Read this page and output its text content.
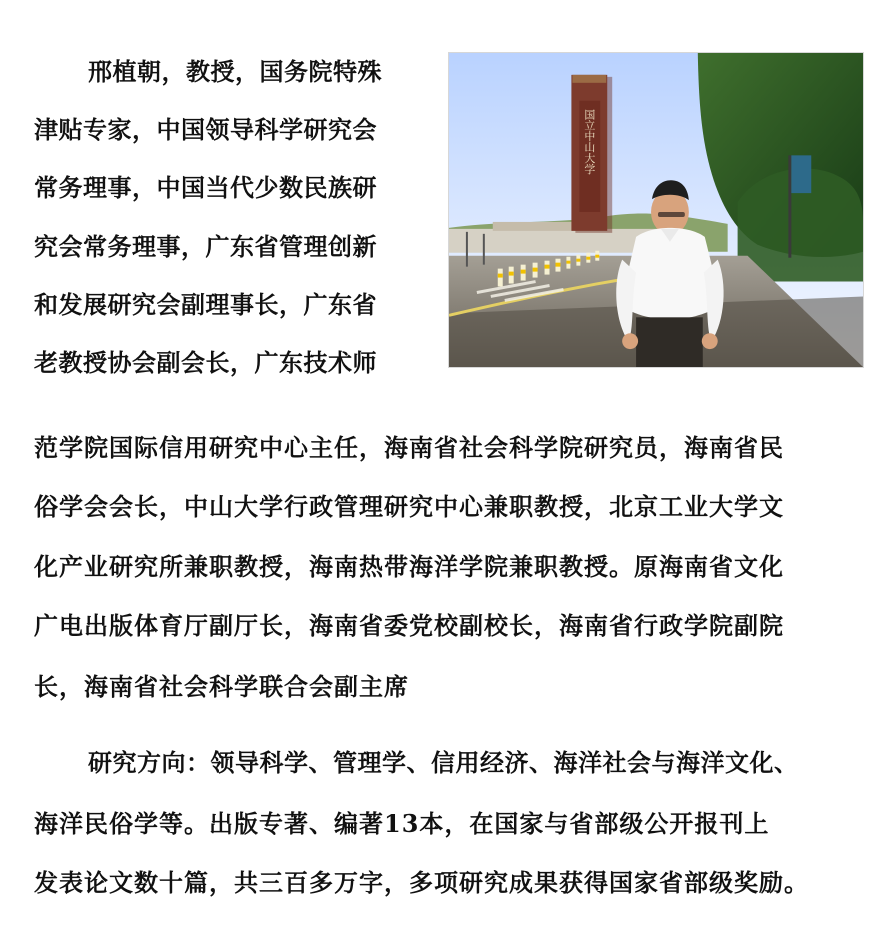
邢植朝，教授，国务院特殊
津贴专家，中国领导科学研究会
常务理事，中国当代少数民族研
究会常务理事，广东省管理创新
和发展研究会副理事长，广东省
老教授协会副会长，广东技术师
范学院国际信用研究中心主任，海南省社会科学院研究员，海南省民
俗学会会长，中山大学行政管理研究中心兼职教授，北京工业大学文
化产业研究所兼职教授，海南热带海洋学院兼职教授。原海南省文化
广电出版体育厅副厅长，海南省委党校副校长，海南省行政学院副院
长，海南省社会科学联合会副主席
研究方向：领导科学、管理学、信用经济、海洋社会与海洋文化、
海洋民俗学等。出版专著、编著13本，在国家与省部级公开报刊上
发表论文数十篇，共三百多万字，多项研究成果获得国家省部级奖励。
国立中山大学
